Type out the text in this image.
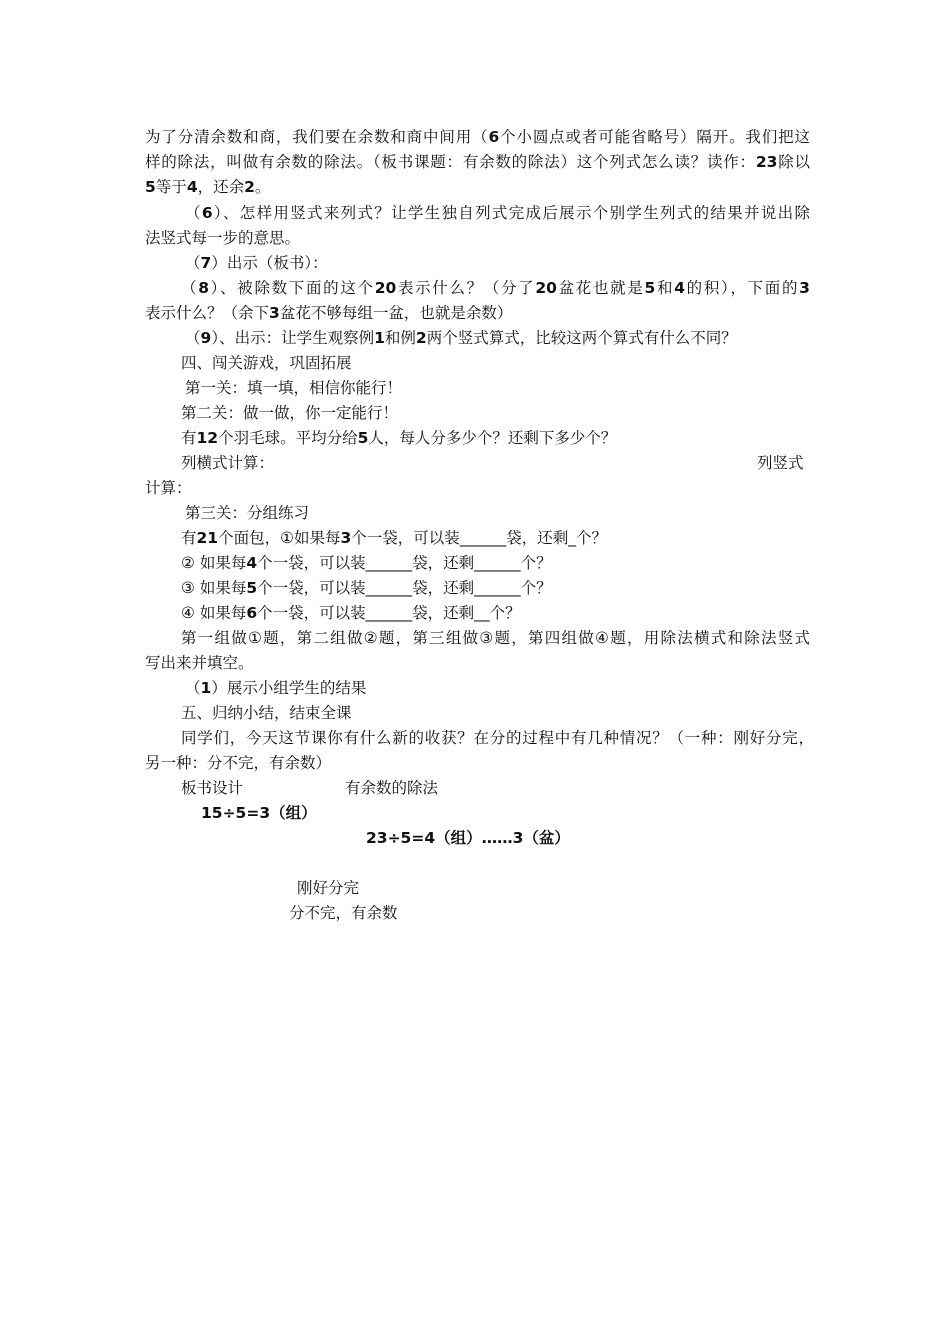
为了分清余数和商，我们要在余数和商中间用（6个小圆点或者可能省略号）隔开。我们把这
样的除法，叫做有余数的除法。（板书课题：有余数的除法）这个列式怎么读？读作：23除以
5等于4，还余2。
（6）、怎样用竖式来列式？让学生独自列式完成后展示个别学生列式的结果并说出除
法竖式每一步的意思。
（7）出示（板书）：
（8）、被除数下面的这个20表示什么？（分了20盆花也就是5和4的积），下面的3
表示什么？（余下3盆花不够每组一盆，也就是余数）
（9）、出示：让学生观察例1和例2两个竖式算式，比较这两个算式有什么不同？
四、闯关游戏，巩固拓展
第一关：填一填，相信你能行！
第二关：做一做，你一定能行！
有12个羽毛球。平均分给5人，每人分多少个？还剩下多少个？
列横式计算：	列竖式
计算：
第三关：分组练习
有21个面包，①如果每3个一袋，可以装______袋，还剩_个？
② 如果每4个一袋，可以装______袋，还剩______个？
③ 如果每5个一袋，可以装______袋，还剩______个？
④ 如果每6个一袋，可以装______袋，还剩__个？
第一组做①题，第二组做②题，第三组做③题，第四组做④题，用除法横式和除法竖式
写出来并填空。
（1）展示小组学生的结果
五、归纳小结，结束全课
同学们，今天这节课你有什么新的收获？在分的过程中有几种情况？（一种：刚好分完，
另一种：分不完，有余数）
板书设计	有余数的除法
15÷5=3（组）
23÷5=4（组）……3（盆）
刚好分完
分不完，有余数
